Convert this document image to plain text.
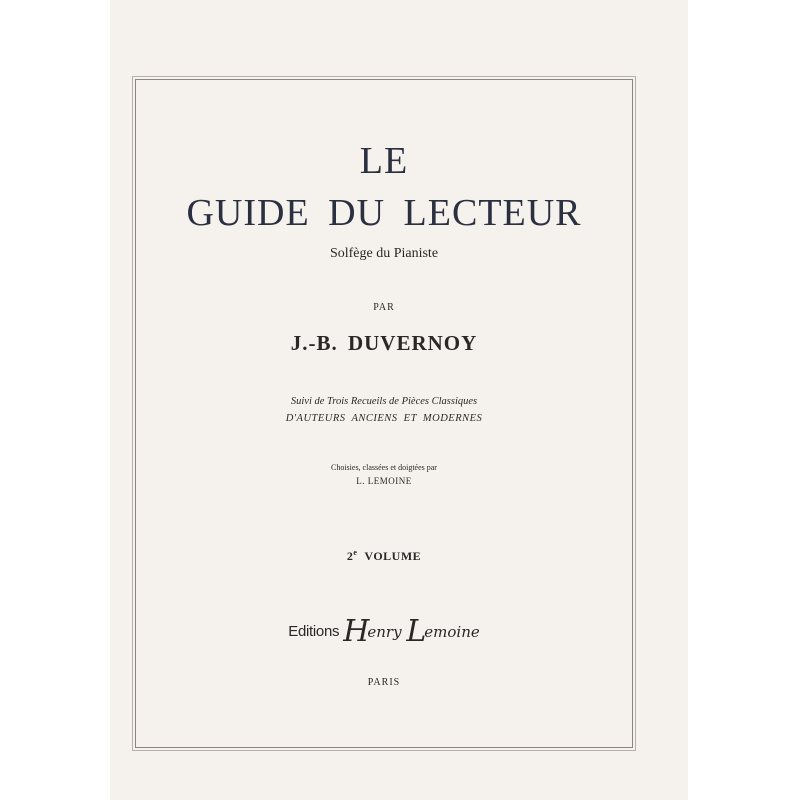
LE
GUIDE DU LECTEUR
Solfège du Pianiste
PAR
J.-B. DUVERNOY
Suivi de Trois Recueils de Pièces Classiques
D'AUTEURS ANCIENS ET MODERNES
Choisies, classées et doigtées par
L. LEMOINE
2e VOLUME
Editions Henry Lemoine
PARIS
